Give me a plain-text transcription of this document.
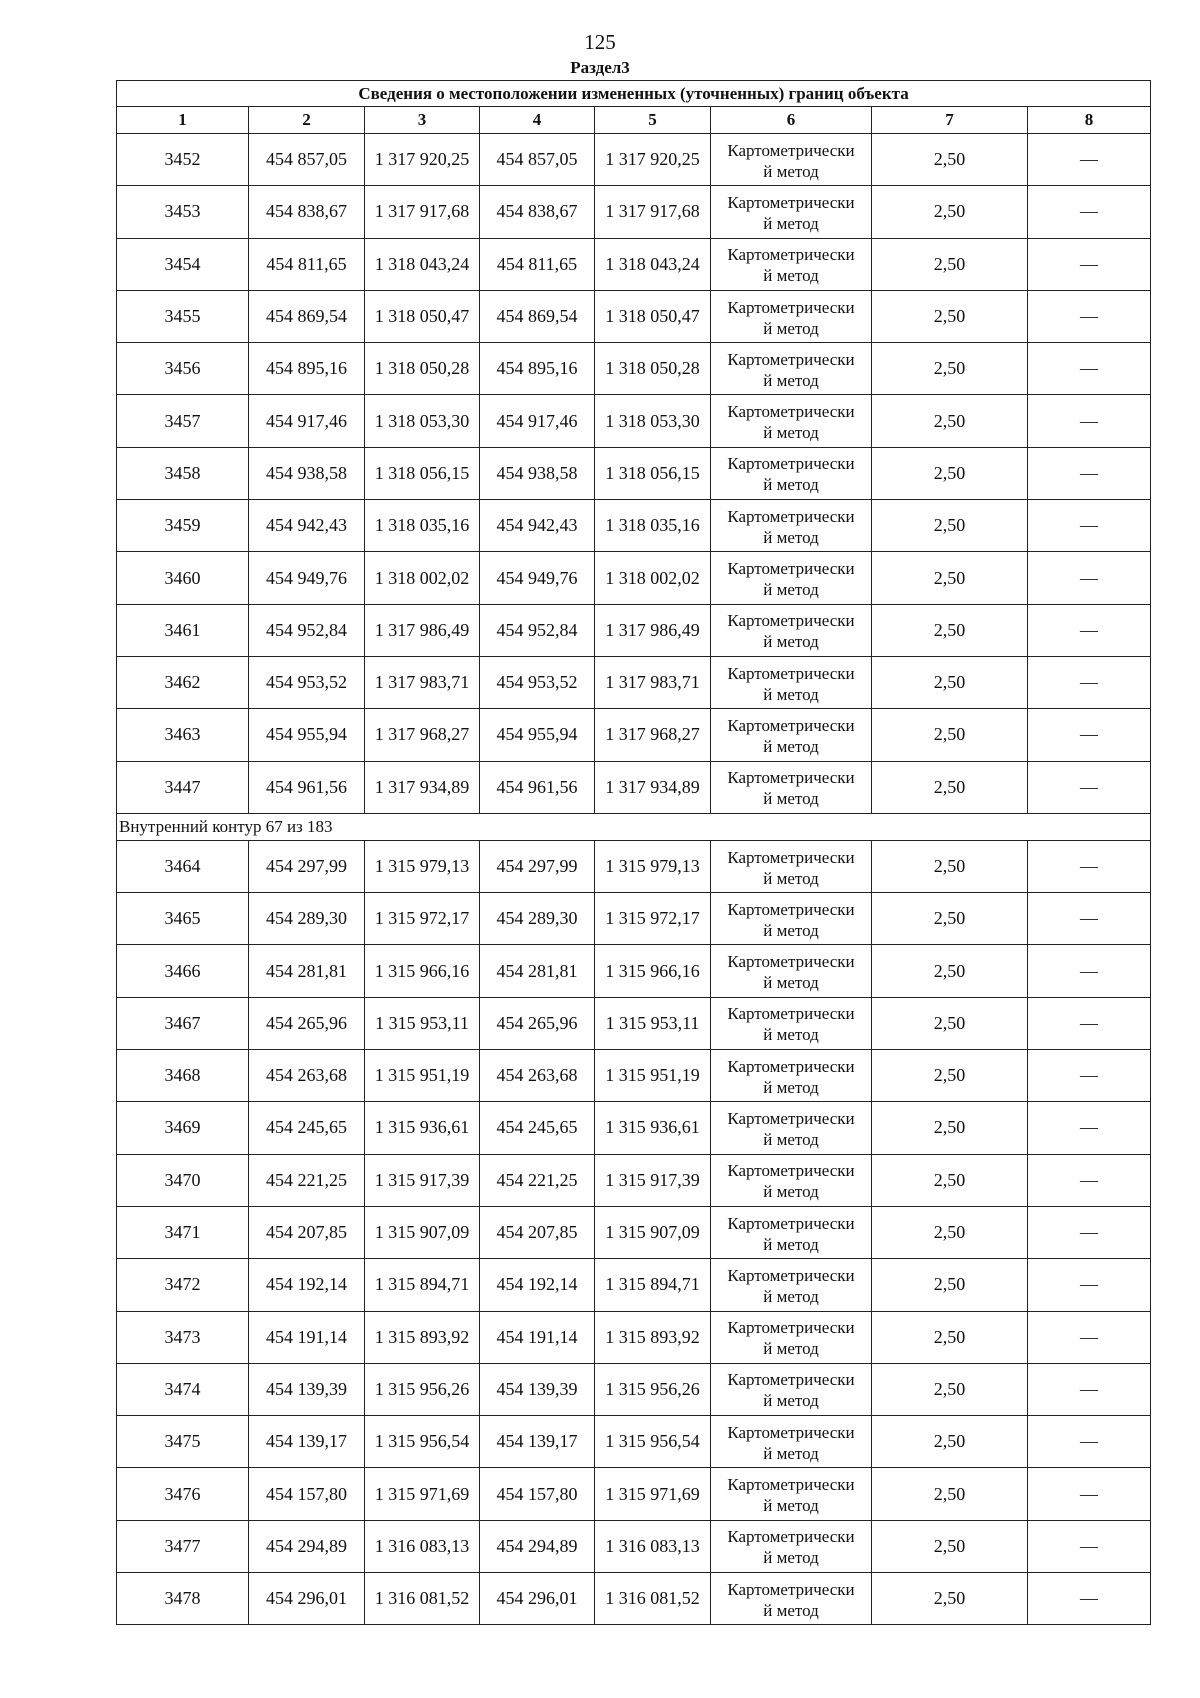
125
Раздел3
Сведения о местоположении измененных (уточненных) границ объекта							
1	2	3	4	5	6	7	8
3452	454 857,05	1 317 920,25	454 857,05	1 317 920,25	Картометрически
й метод	2,50	—
3453	454 838,67	1 317 917,68	454 838,67	1 317 917,68	Картометрически
й метод	2,50	—
3454	454 811,65	1 318 043,24	454 811,65	1 318 043,24	Картометрически
й метод	2,50	—
3455	454 869,54	1 318 050,47	454 869,54	1 318 050,47	Картометрически
й метод	2,50	—
3456	454 895,16	1 318 050,28	454 895,16	1 318 050,28	Картометрически
й метод	2,50	—
3457	454 917,46	1 318 053,30	454 917,46	1 318 053,30	Картометрически
й метод	2,50	—
3458	454 938,58	1 318 056,15	454 938,58	1 318 056,15	Картометрически
й метод	2,50	—
3459	454 942,43	1 318 035,16	454 942,43	1 318 035,16	Картометрически
й метод	2,50	—
3460	454 949,76	1 318 002,02	454 949,76	1 318 002,02	Картометрически
й метод	2,50	—
3461	454 952,84	1 317 986,49	454 952,84	1 317 986,49	Картометрически
й метод	2,50	—
3462	454 953,52	1 317 983,71	454 953,52	1 317 983,71	Картометрически
й метод	2,50	—
3463	454 955,94	1 317 968,27	454 955,94	1 317 968,27	Картометрически
й метод	2,50	—
3447	454 961,56	1 317 934,89	454 961,56	1 317 934,89	Картометрически
й метод	2,50	—
Внутренний контур 67 из 183							
3464	454 297,99	1 315 979,13	454 297,99	1 315 979,13	Картометрически
й метод	2,50	—
3465	454 289,30	1 315 972,17	454 289,30	1 315 972,17	Картометрически
й метод	2,50	—
3466	454 281,81	1 315 966,16	454 281,81	1 315 966,16	Картометрически
й метод	2,50	—
3467	454 265,96	1 315 953,11	454 265,96	1 315 953,11	Картометрически
й метод	2,50	—
3468	454 263,68	1 315 951,19	454 263,68	1 315 951,19	Картометрически
й метод	2,50	—
3469	454 245,65	1 315 936,61	454 245,65	1 315 936,61	Картометрически
й метод	2,50	—
3470	454 221,25	1 315 917,39	454 221,25	1 315 917,39	Картометрически
й метод	2,50	—
3471	454 207,85	1 315 907,09	454 207,85	1 315 907,09	Картометрически
й метод	2,50	—
3472	454 192,14	1 315 894,71	454 192,14	1 315 894,71	Картометрически
й метод	2,50	—
3473	454 191,14	1 315 893,92	454 191,14	1 315 893,92	Картометрически
й метод	2,50	—
3474	454 139,39	1 315 956,26	454 139,39	1 315 956,26	Картометрически
й метод	2,50	—
3475	454 139,17	1 315 956,54	454 139,17	1 315 956,54	Картометрически
й метод	2,50	—
3476	454 157,80	1 315 971,69	454 157,80	1 315 971,69	Картометрически
й метод	2,50	—
3477	454 294,89	1 316 083,13	454 294,89	1 316 083,13	Картометрически
й метод	2,50	—
3478	454 296,01	1 316 081,52	454 296,01	1 316 081,52	Картометрически
й метод	2,50	—
